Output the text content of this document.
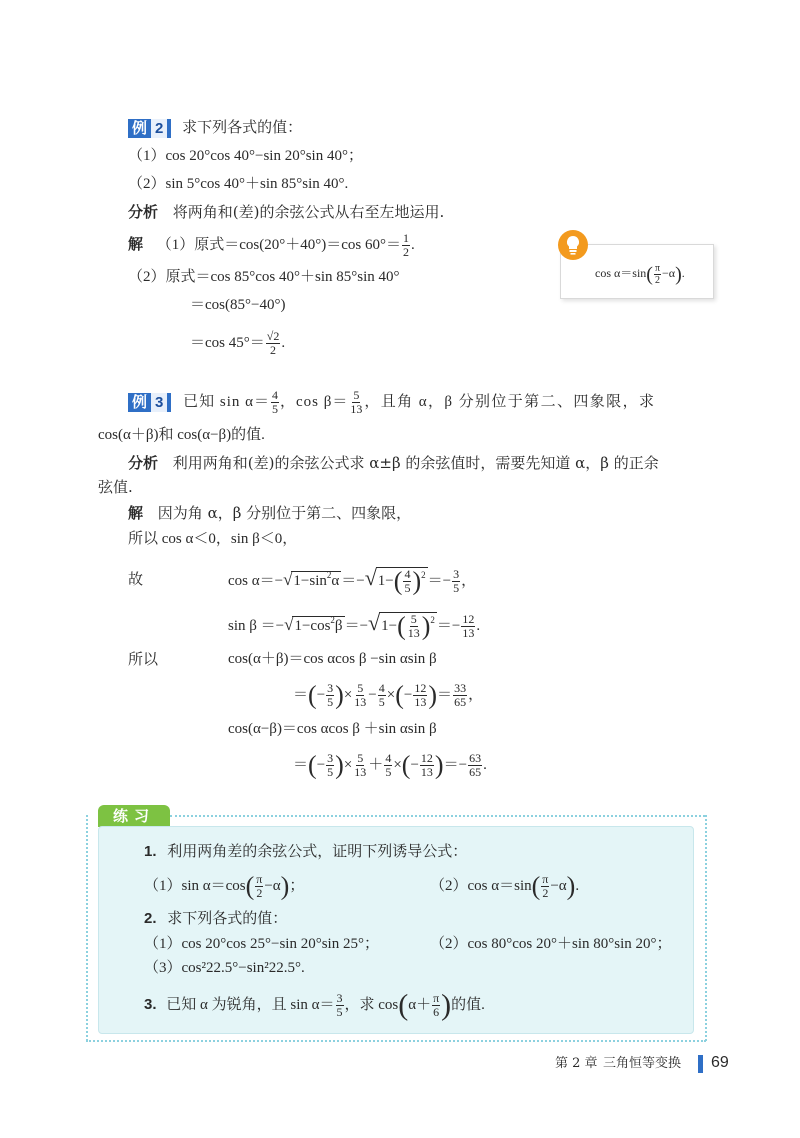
例 2 求下列各式的值：
（1）cos 20°cos 40°−sin 20°sin 40°；
（2）sin 5°cos 40°＋sin 85°sin 40°.
分析 将两角和(差)的余弦公式从右至左地运用.
解 （1）原式＝cos(20°＋40°)＝cos $60^\circ= \frac{1}{2}$ .
（2）原式＝cos 85°cos 40°＋sin 85°sin 40°
＝cos(85°−40°)
＝cos $45^\circ= \frac{√2}{2}$ .
$\cos \alpha=\sin( \frac{\pi}{2} -\alpha)$.
例 3 已知 $\sin \alpha= \frac{4}{5}$ ，$\cos \beta= \frac{5}{13}$ ，且角 α，β 分别位于第二、四象限，求
cos(α＋β)和 cos(α−β)的值.
分析 利用两角和(差)的余弦公式求 α±β 的余弦值时，需要先知道 α，β 的正余
弦值.
解 因为角 α，β 分别位于第二、四象限，
所以 cos α＜0，sin β＜0，
故	$\cos \alpha=-√1-\sin^2\alpha =-√1-( \frac{4}{5} )^2 =- \frac{3}{5}$ ，
$\sin \beta =-√1-\cos^2\beta =-√1-( \frac{5}{13} )^2 =- \frac{12}{13}$ .
所以	cos(α＋β)＝cos αcos β −sin αsin β
＝(− $\frac{3}{5}$ )× $\frac{5}{13} - \frac{4}{5}$ ×(− $\frac{12}{13}$ )＝ $\frac{33}{65}$ ，
cos(α−β)＝cos αcos β ＋sin αsin β
＝(− $\frac{3}{5}$ )× $\frac{5}{13} + \frac{4}{5}$ ×(− $\frac{12}{13}$ )＝− $\frac{63}{65}$ .
练习
1. 利用两角差的余弦公式，证明下列诱导公式：
（1）sin $\alpha=\cos( \frac{\pi}{2} -\alpha)$；	（2）cos $\alpha=\sin( \frac{\pi}{2} -\alpha)$.
2. 求下列各式的值：
（1）cos 20°cos 25°−sin 20°sin 25°；	（2）cos 80°cos 20°＋sin 80°sin 20°；
（3）cos²22.5°−sin²22.5°.
3. 已知 α 为锐角，且 $\sin \alpha= \frac{3}{5}$ ，求 $\cos(\alpha+ \frac{\pi}{6}$ )的值.
第 2 章 三角恒等变换 69
